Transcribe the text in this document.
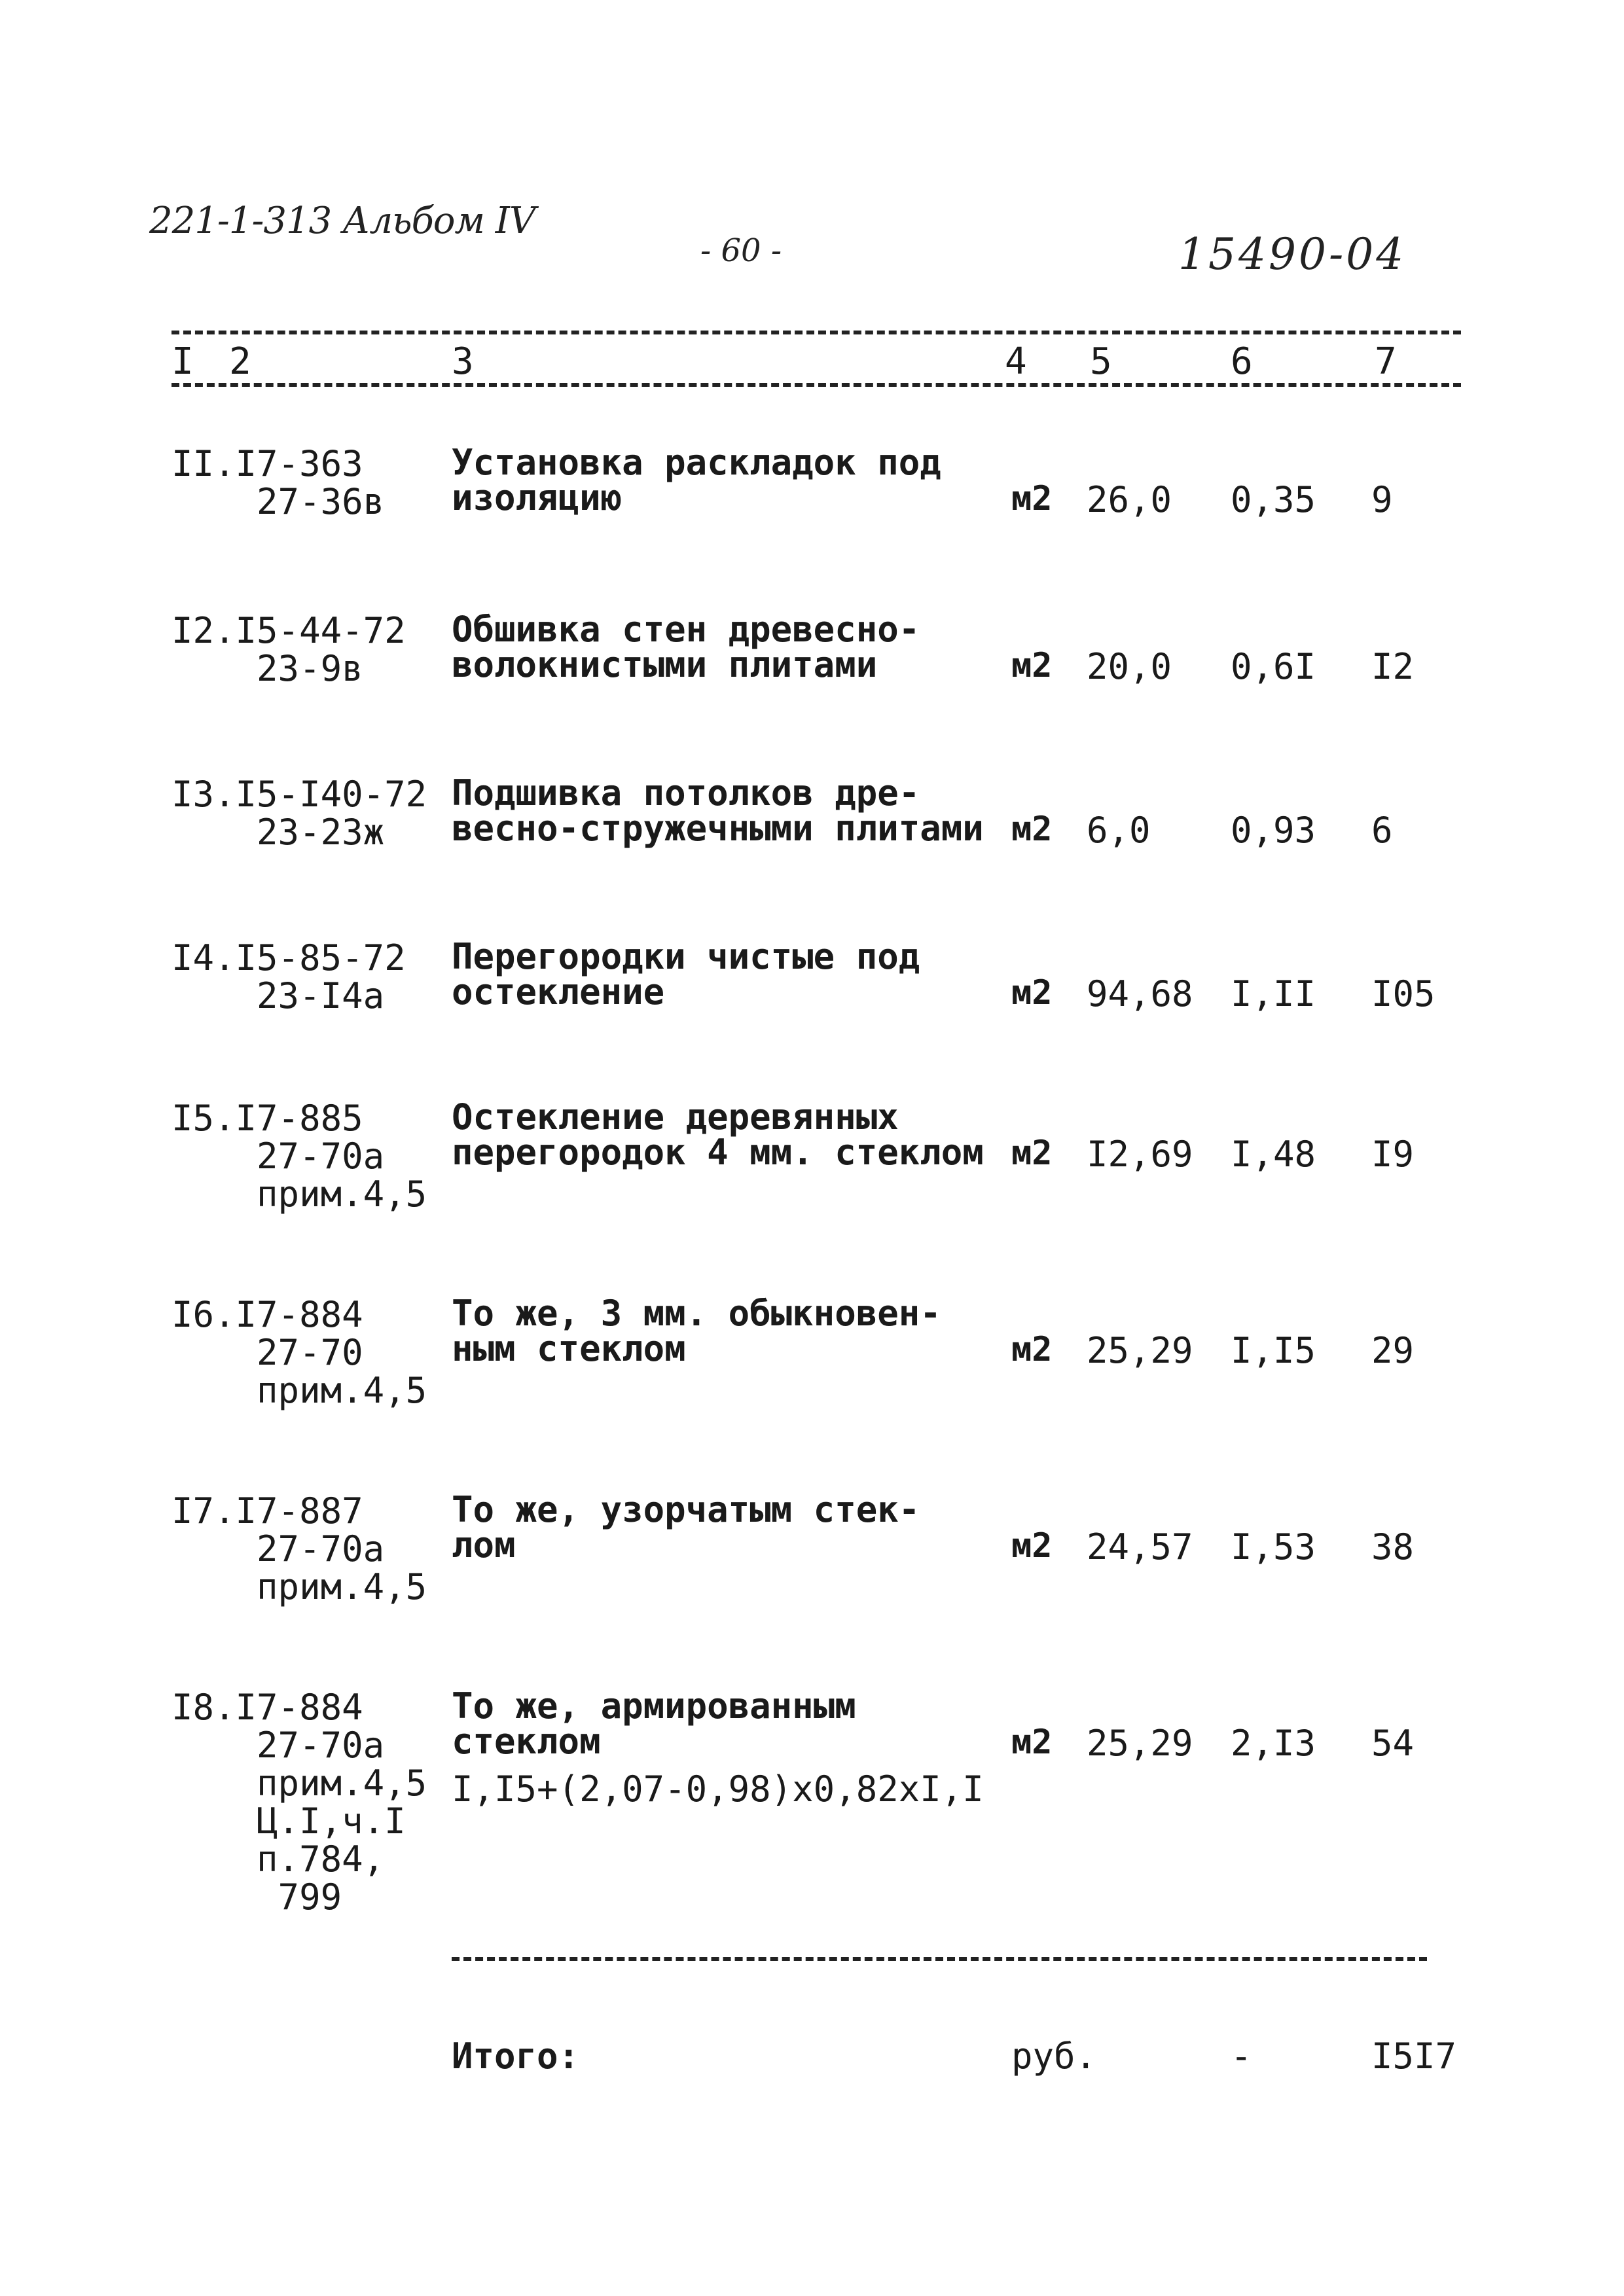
221-1-313 Альбом IV
- 60 -	15490-04
I 2	3	4 5	6	7
II.I7-363
27-36в
Установка раскладок под
изоляцию	м2 26,0 0,35 9
I2.I5-44-72
23-9в
Обшивка стен древесно-
волокнистыми плитами	м2 20,0 0,6I I2
I3.I5-I40-72
23-23ж
Подшивка потолков дре-
весно-стружечными плитами м2 6,0 0,93 6
I4.I5-85-72
23-I4а
Перегородки чистые под
остекление	м2 94,68 I,II I05
I5.I7-885
27-70а
прим.4,5
Остекление деревянных
перегородок 4 мм. стеклом м2 I2,69 I,48 I9
I6.I7-884
27-70
прим.4,5
То же, 3 мм. обыкновен-
ным стеклом	м2 25,29 I,I5 29
I7.I7-887
27-70а
прим.4,5
То же, узорчатым стек-
лом	м2 24,57 I,53 38
I8.I7-884
27-70а
прим.4,5
Ц.I,ч.I
п.784,
799
То же, армированным
стеклом	м2 25,29 2,I3 54
I,I5+(2,07-0,98)х0,82хI,I
Итого:	руб.	-	I5I7
